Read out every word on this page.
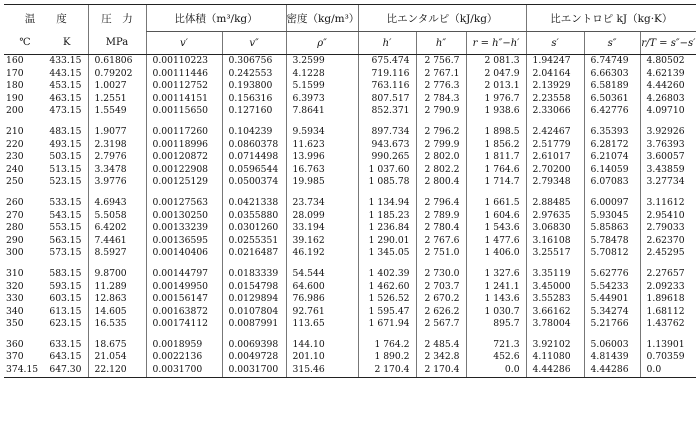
温　　度		圧　力	比体積（m³/kg）		密度（kg/m³）	比エンタルピ（kJ/kg）			比エントロピ kJ（kg·K）		
℃	K	MPa	v′	v″	ρ″	h′	h″	r = h″−h′	s′	s″	r/T = s″−s′
160	433.15	0.61806	0.00110223	0.306756	3.2599	675.474	2 756.7	2 081.3	1.94247	6.74749	4.80502
170	443.15	0.79202	0.00111446	0.242553	4.1228	719.116	2 767.1	2 047.9	2.04164	6.66303	4.62139
180	453.15	1.0027	0.00112752	0.193800	5.1599	763.116	2 776.3	2 013.1	2.13929	6.58189	4.44260
190	463.15	1.2551	0.00114151	0.156316	6.3973	807.517	2 784.3	1 976.7	2.23558	6.50361	4.26803
200	473.15	1.5549	0.00115650	0.127160	7.8641	852.371	2 790.9	1 938.6	2.33066	6.42776	4.09710

210	483.15	1.9077	0.00117260	0.104239	9.5934	897.734	2 796.2	1 898.5	2.42467	6.35393	3.92926
220	493.15	2.3198	0.00118996	0.0860378	11.623	943.673	2 799.9	1 856.2	2.51779	6.28172	3.76393
230	503.15	2.7976	0.00120872	0.0714498	13.996	990.265	2 802.0	1 811.7	2.61017	6.21074	3.60057
240	513.15	3.3478	0.00122908	0.0596544	16.763	1 037.60	2 802.2	1 764.6	2.70200	6.14059	3.43859
250	523.15	3.9776	0.00125129	0.0500374	19.985	1 085.78	2 800.4	1 714.7	2.79348	6.07083	3.27734

260	533.15	4.6943	0.00127563	0.0421338	23.734	1 134.94	2 796.4	1 661.5	2.88485	6.00097	3.11612
270	543.15	5.5058	0.00130250	0.0355880	28.099	1 185.23	2 789.9	1 604.6	2.97635	5.93045	2.95410
280	553.15	6.4202	0.00133239	0.0301260	33.194	1 236.84	2 780.4	1 543.6	3.06830	5.85863	2.79033
290	563.15	7.4461	0.00136595	0.0255351	39.162	1 290.01	2 767.6	1 477.6	3.16108	5.78478	2.62370
300	573.15	8.5927	0.00140406	0.0216487	46.192	1 345.05	2 751.0	1 406.0	3.25517	5.70812	2.45295

310	583.15	9.8700	0.00144797	0.0183339	54.544	1 402.39	2 730.0	1 327.6	3.35119	5.62776	2.27657
320	593.15	11.289	0.00149950	0.0154798	64.600	1 462.60	2 703.7	1 241.1	3.45000	5.54233	2.09233
330	603.15	12.863	0.00156147	0.0129894	76.986	1 526.52	2 670.2	1 143.6	3.55283	5.44901	1.89618
340	613.15	14.605	0.00163872	0.0107804	92.761	1 595.47	2 626.2	1 030.7	3.66162	5.34274	1.68112
350	623.15	16.535	0.00174112	0.0087991	113.65	1 671.94	2 567.7	895.7	3.78004	5.21766	1.43762

360	633.15	18.675	0.0018959	0.0069398	144.10	1 764.2	2 485.4	721.3	3.92102	5.06003	1.13901
370	643.15	21.054	0.0022136	0.0049728	201.10	1 890.2	2 342.8	452.6	4.11080	4.81439	0.70359
374.15	647.30	22.120	0.0031700	0.0031700	315.46	2 170.4	2 170.4	0.0	4.44286	4.44286	0.0
